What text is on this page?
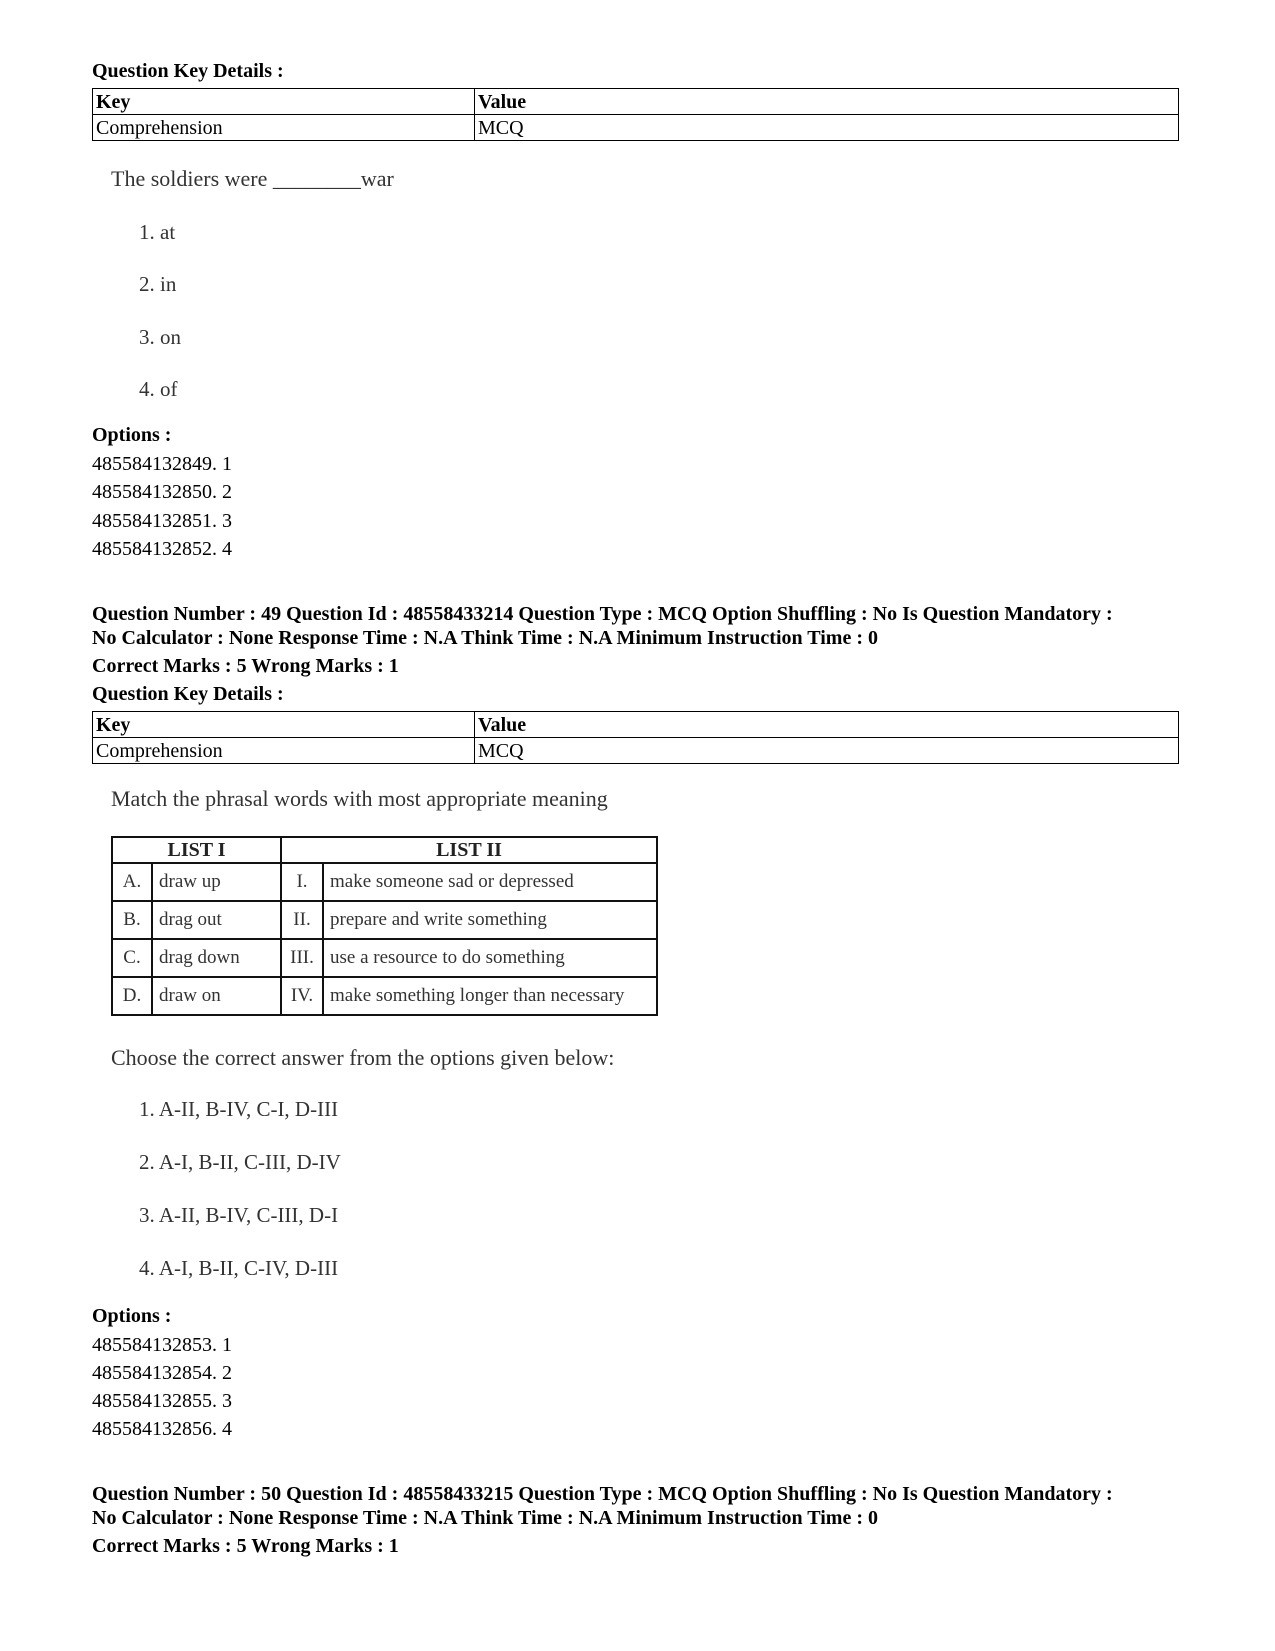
Question Key Details :
Key	Value
Comprehension	MCQ
The soldiers were ________war
1. at
2. in
3. on
4. of
Options :
485584132849. 1
485584132850. 2
485584132851. 3
485584132852. 4
Question Number : 49 Question Id : 48558433214 Question Type : MCQ Option Shuffling : No Is Question Mandatory :
No Calculator : None Response Time : N.A Think Time : N.A Minimum Instruction Time : 0
Correct Marks : 5 Wrong Marks : 1
Question Key Details :
Key	Value
Comprehension	MCQ
Match the phrasal words with most appropriate meaning
LIST I		LIST II	
A.	draw up	I.	make someone sad or depressed
B.	drag out	II.	prepare and write something
C.	drag down	III.	use a resource to do something
D.	draw on	IV.	make something longer than necessary
Choose the correct answer from the options given below:
1. A-II, B-IV, C-I, D-III
2. A-I, B-II, C-III, D-IV
3. A-II, B-IV, C-III, D-I
4. A-I, B-II, C-IV, D-III
Options :
485584132853. 1
485584132854. 2
485584132855. 3
485584132856. 4
Question Number : 50 Question Id : 48558433215 Question Type : MCQ Option Shuffling : No Is Question Mandatory :
No Calculator : None Response Time : N.A Think Time : N.A Minimum Instruction Time : 0
Correct Marks : 5 Wrong Marks : 1
